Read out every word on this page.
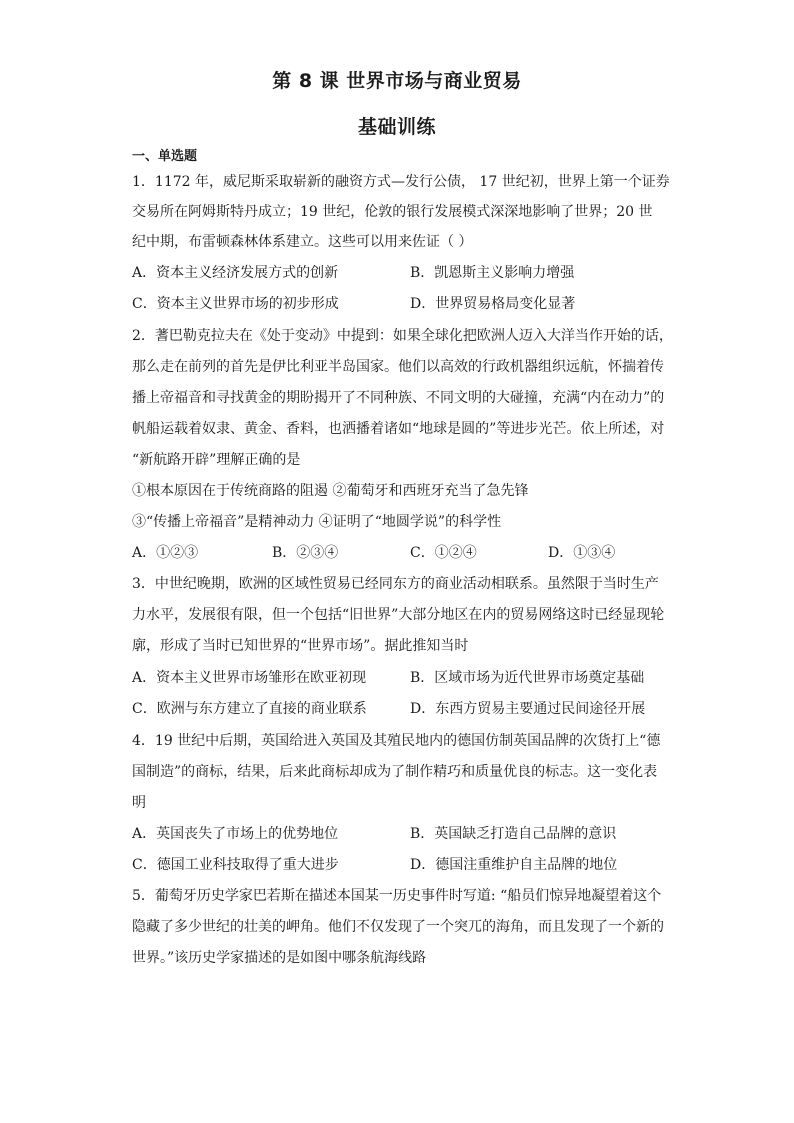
第 8 课 世界市场与商业贸易
基础训练
一、单选题
1．1172 年，威尼斯采取崭新的融资方式—发行公债， 17 世纪初，世界上第一个证券
交易所在阿姆斯特丹成立；19 世纪，伦敦的银行发展模式深深地影响了世界；20 世
纪中期，布雷顿森林体系建立。这些可以用来佐证（ ）
A．资本主义经济发展方式的创新	B．凯恩斯主义影响力增强
C．资本主义世界市场的初步形成	D．世界贸易格局变化显著
2．蓍巴勒克拉夫在《处于变动》中提到：如果全球化把欧洲人迈入大洋当作开始的话，
那么走在前列的首先是伊比利亚半岛国家。他们以高效的行政机器组织远航，怀揣着传
播上帝福音和寻找黄金的期盼揭开了不同种族、不同文明的大碰撞，充满“内在动力”的
帆船运载着奴隶、黄金、香料，也洒播着诸如“地球是圆的”等进步光芒。依上所述，对
“新航路开辟”理解正确的是
①根本原因在于传统商路的阻遏 ②葡萄牙和西班牙充当了急先锋
③“传播上帝福音”是精神动力 ④证明了“地圆学说”的科学性
A．①②③	B．②③④	C．①②④	D．①③④
3．中世纪晚期，欧洲的区域性贸易已经同东方的商业活动相联系。虽然限于当时生产
力水平，发展很有限，但一个包括“旧世界”大部分地区在内的贸易网络这时已经显现轮
廓，形成了当时已知世界的“世界市场”。据此推知当时
A．资本主义世界市场雏形在欧亚初现	B．区域市场为近代世界市场奠定基础
C．欧洲与东方建立了直接的商业联系	D．东西方贸易主要通过民间途径开展
4．19 世纪中后期，英国给进入英国及其殖民地内的德国仿制英国品牌的次货打上“德
国制造”的商标，结果，后来此商标却成为了制作精巧和质量优良的标志。这一变化表
明
A．英国丧失了市场上的优势地位	B．英国缺乏打造自己品牌的意识
C．德国工业科技取得了重大进步	D．德国注重维护自主品牌的地位
5．葡萄牙历史学家巴若斯在描述本国某一历史事件时写道: “船员们惊异地凝望着这个
隐藏了多少世纪的壮美的岬角。他们不仅发现了一个突兀的海角，而且发现了一个新的
世界。”该历史学家描述的是如图中哪条航海线路
